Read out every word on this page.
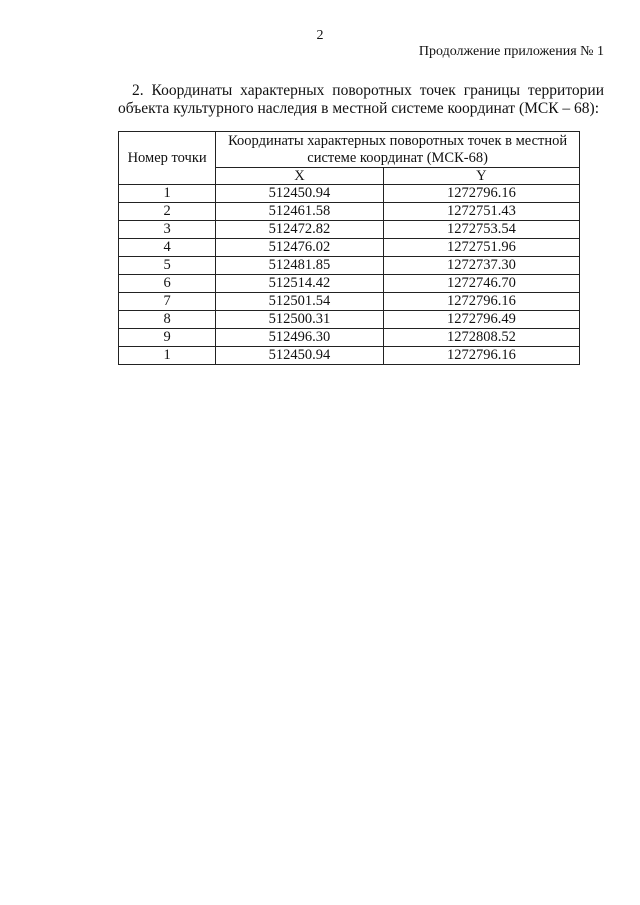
2
Продолжение приложения № 1
2. Координаты характерных поворотных точек границы территории объекта культурного наследия в местной системе координат (МСК – 68):
Номер точки	Координаты характерных поворотных точек в местной системе координат (МСК-68)	
	X	Y
1	512450.94	1272796.16
2	512461.58	1272751.43
3	512472.82	1272753.54
4	512476.02	1272751.96
5	512481.85	1272737.30
6	512514.42	1272746.70
7	512501.54	1272796.16
8	512500.31	1272796.49
9	512496.30	1272808.52
1	512450.94	1272796.16
